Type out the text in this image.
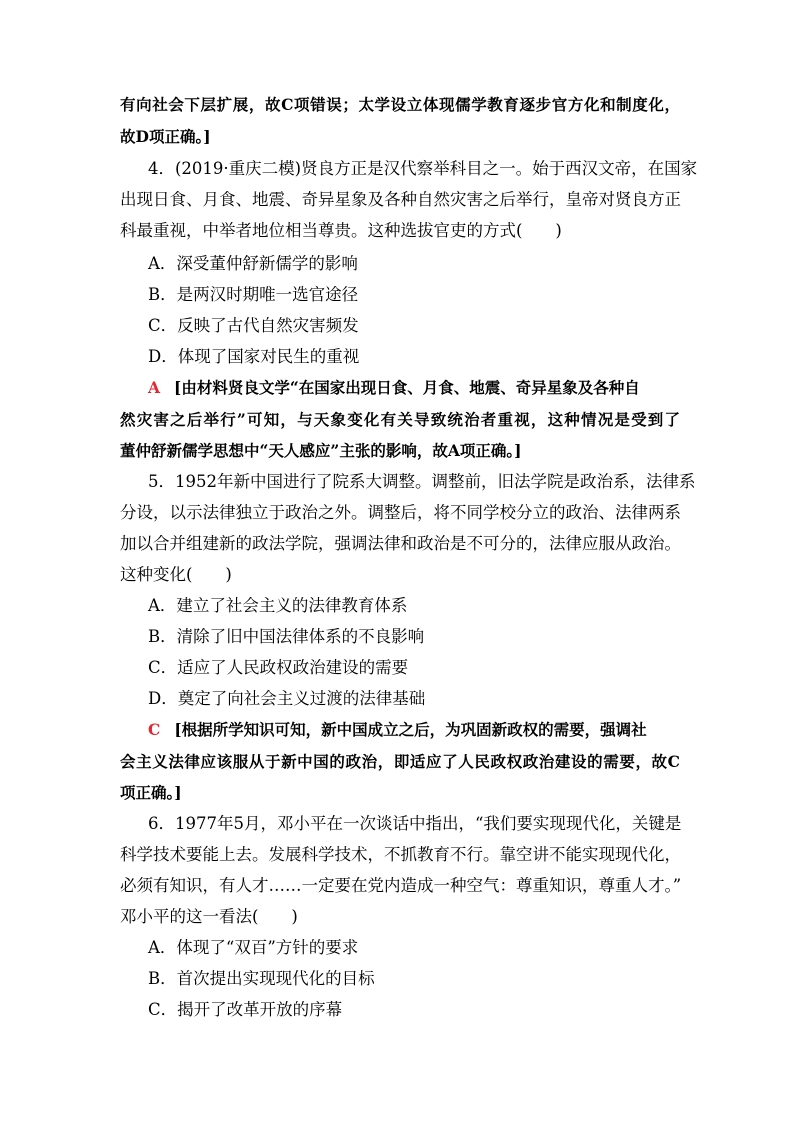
有向社会下层扩展，故C项错误；太学设立体现儒学教育逐步官方化和制度化，
故D项正确。]
4．(2019·重庆二模)贤良方正是汉代察举科目之一。始于西汉文帝，在国家
出现日食、月食、地震、奇异星象及各种自然灾害之后举行，皇帝对贤良方正
科最重视，中举者地位相当尊贵。这种选拔官吏的方式(　　)
A．深受董仲舒新儒学的影响
B．是两汉时期唯一选官途径
C．反映了古代自然灾害频发
D．体现了国家对民生的重视
A [由材料贤良文学“在国家出现日食、月食、地震、奇异星象及各种自
然灾害之后举行”可知，与天象变化有关导致统治者重视，这种情况是受到了
董仲舒新儒学思想中“天人感应”主张的影响，故A项正确。]
5．1952年新中国进行了院系大调整。调整前，旧法学院是政治系，法律系
分设，以示法律独立于政治之外。调整后，将不同学校分立的政治、法律两系
加以合并组建新的政法学院，强调法律和政治是不可分的，法律应服从政治。
这种变化(　　)
A．建立了社会主义的法律教育体系
B．清除了旧中国法律体系的不良影响
C．适应了人民政权政治建设的需要
D．奠定了向社会主义过渡的法律基础
C [根据所学知识可知，新中国成立之后，为巩固新政权的需要，强调社
会主义法律应该服从于新中国的政治，即适应了人民政权政治建设的需要，故C
项正确。]
6．1977年5月，邓小平在一次谈话中指出，“我们要实现现代化，关键是
科学技术要能上去。发展科学技术，不抓教育不行。靠空讲不能实现现代化，
必须有知识，有人才……一定要在党内造成一种空气：尊重知识，尊重人才。”
邓小平的这一看法(　　)
A．体现了“双百”方针的要求
B．首次提出实现现代化的目标
C．揭开了改革开放的序幕
